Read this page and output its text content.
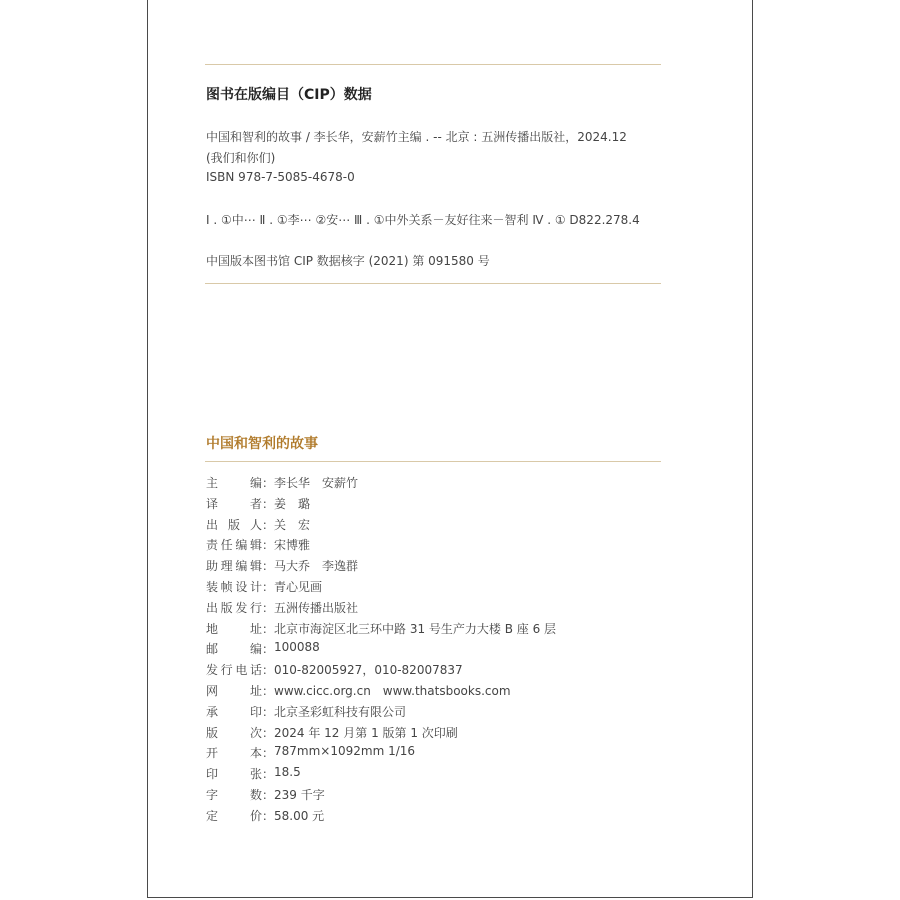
图书在版编目（CIP）数据
中国和智利的故事 / 李长华，安薪竹主编 . -- 北京 : 五洲传播出版社，2024.12
(我们和你们)
ISBN 978-7-5085-4678-0
Ⅰ . ①中⋯ Ⅱ . ①李⋯ ②安⋯ Ⅲ . ①中外关系－友好往来－智利 Ⅳ . ① D822.278.4
中国版本图书馆 CIP 数据核字 (2021) 第 091580 号
中国和智利的故事
主	编 ： 李长华　安薪竹
译	者 ： 姜　璐
出 版 人 ： 关　宏
责 任 编 辑 ： 宋博雅
助 理 编 辑 ： 马大乔　李逸群
装 帧 设 计 ： 青心见画
出 版 发 行 ： 五洲传播出版社
地	址 ： 北京市海淀区北三环中路 31 号生产力大楼 B 座 6 层
邮	编 ： 100088
发 行 电 话 ： 010-82005927，010-82007837
网	址 ： www.cicc.org.cn　www.thatsbooks.com
承	印 ： 北京圣彩虹科技有限公司
版	次 ： 2024 年 12 月第 1 版第 1 次印刷
开	本 ： 787mm×1092mm 1/16
印	张 ： 18.5
字	数 ： 239 千字
定	价 ： 58.00 元
